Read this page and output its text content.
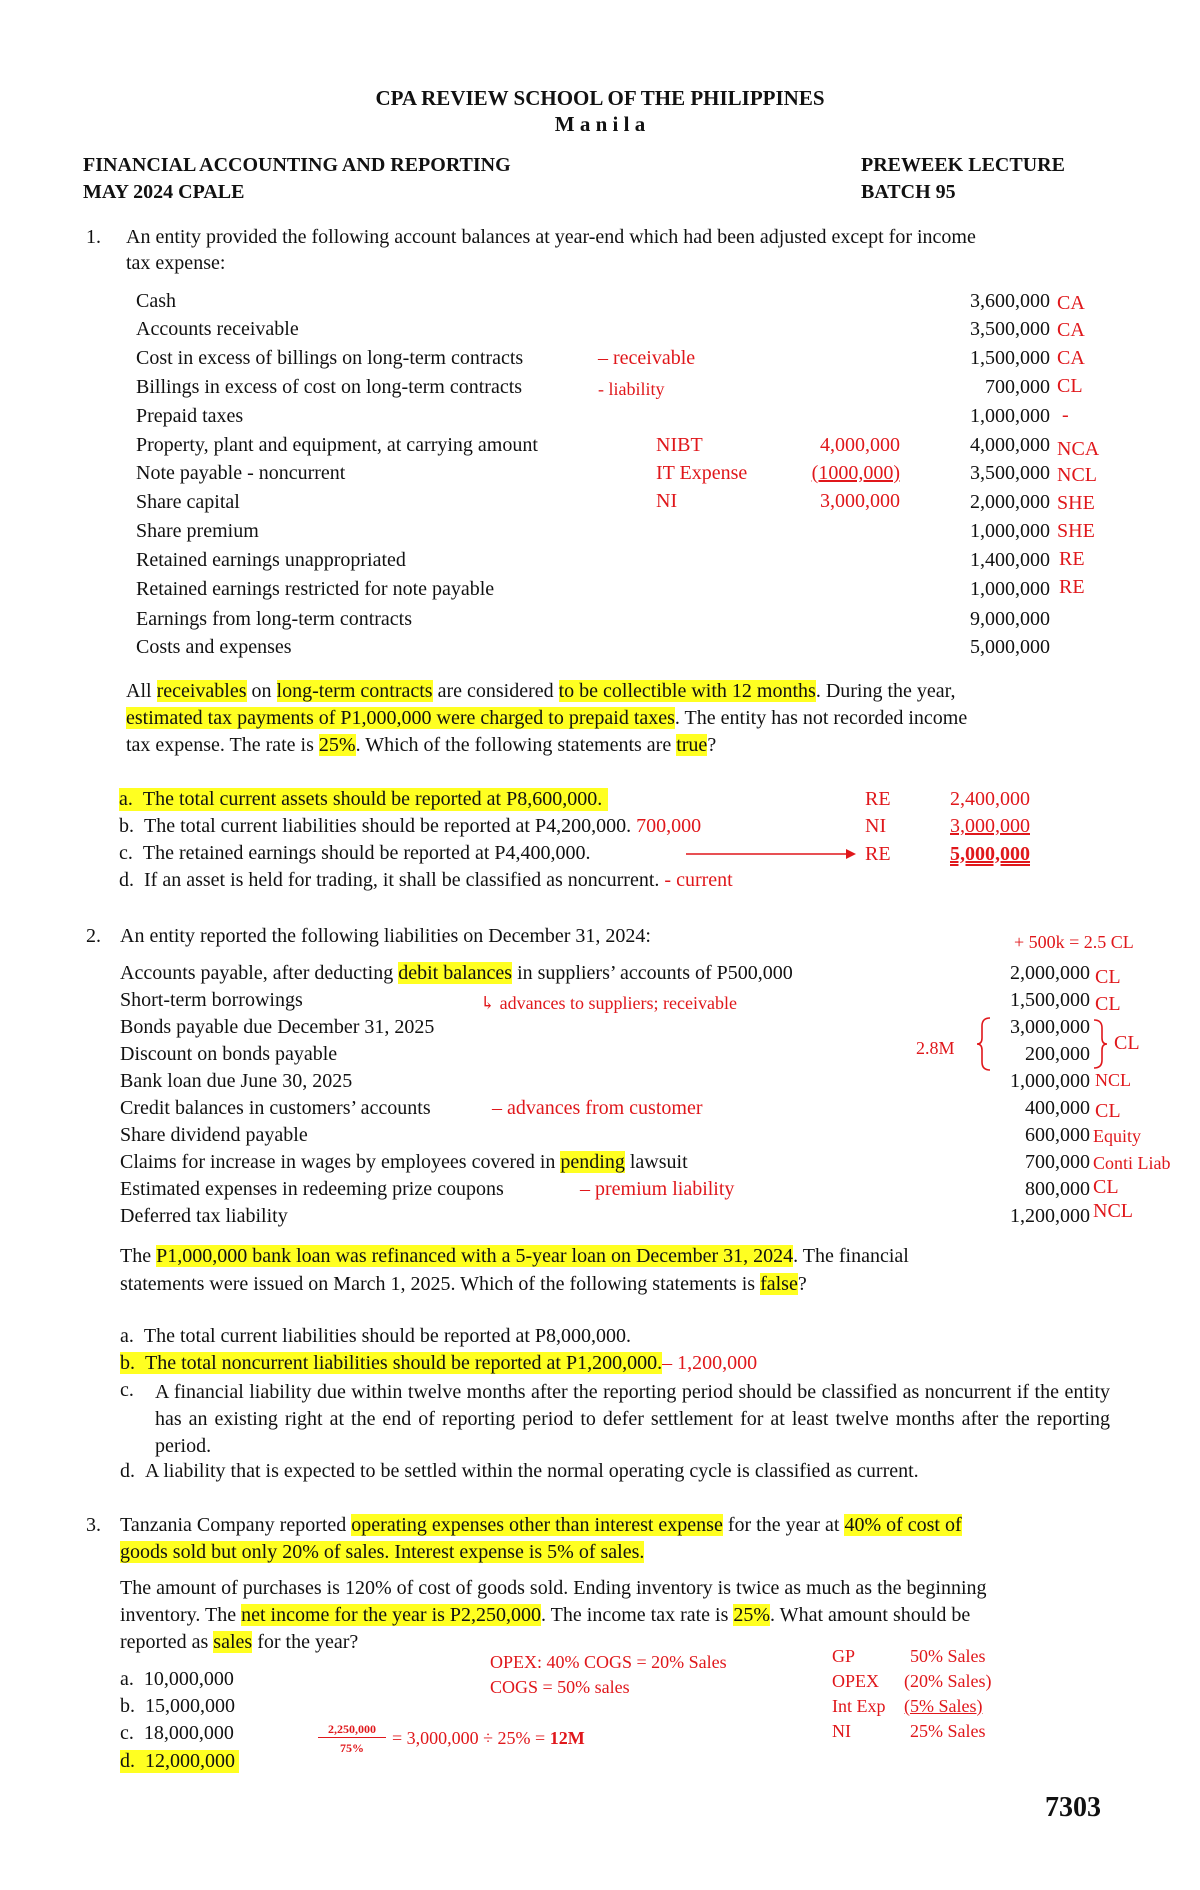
CPA REVIEW SCHOOL OF THE PHILIPPINES
M a n i l a
FINANCIAL ACCOUNTING AND REPORTING
MAY 2024 CPALE
PREWEEK LECTURE
BATCH 95
1. An entity provided the following account balances at year-end which had been adjusted except for income
tax expense:
Cash	3,600,000 CA
Accounts receivable	3,500,000 CA
Cost in excess of billings on long-term contracts	– receivable	1,500,000 CA
Billings in excess of cost on long-term contracts	- liability	700,000 CL
Prepaid taxes	1,000,000 -
Property, plant and equipment, at carrying amount	4,000,000 NCA
Note payable - noncurrent	3,500,000 NCL
Share capital	2,000,000 SHE
Share premium	1,000,000 SHE
Retained earnings unappropriated	1,400,000 RE
Retained earnings restricted for note payable	1,000,000 RE
Earnings from long-term contracts	9,000,000
Costs and expenses	5,000,000
NIBT	4,000,000
IT Expense	(1000,000)
NI	3,000,000
All receivables on long-term contracts are considered to be collectible with 12 months. During the year,
estimated tax payments of P1,000,000 were charged to prepaid taxes. The entity has not recorded income
tax expense. The rate is 25%. Which of the following statements are true?
a. The total current assets should be reported at P8,600,000.
b. The total current liabilities should be reported at P4,200,000. 700,000
c. The retained earnings should be reported at P4,400,000.
d. If an asset is held for trading, it shall be classified as noncurrent. - current
RE	2,400,000
NI	3,000,000
RE	5,000,000
2. An entity reported the following liabilities on December 31, 2024:	+ 500k = 2.5 CL
Accounts payable, after deducting debit balances in suppliers’ accounts of P500,000	2,000,000 CL
Short-term borrowings	↳ advances to suppliers; receivable	1,500,000 CL
Bonds payable due December 31, 2025	3,000,000
Discount on bonds payable	200,000
Bank loan due June 30, 2025	1,000,000 NCL
Credit balances in customers’ accounts	– advances from customer	400,000 CL
Share dividend payable	600,000 Equity
Claims for increase in wages by employees covered in pending lawsuit	700,000 Conti Liab
Estimated expenses in redeeming prize coupons	– premium liability	800,000 CL
Deferred tax liability	1,200,000 NCL
2.8M	CL
The P1,000,000 bank loan was refinanced with a 5-year loan on December 31, 2024. The financial
statements were issued on March 1, 2025. Which of the following statements is false?
a. The total current liabilities should be reported at P8,000,000.
b. The total noncurrent liabilities should be reported at P1,200,000.– 1,200,000
c. A financial liability due within twelve months after the reporting period should be classified as noncurrent if the entity has an existing right at the end of reporting period to defer settlement for at least twelve months after the reporting period.
d. A liability that is expected to be settled within the normal operating cycle is classified as current.
3. Tanzania Company reported operating expenses other than interest expense for the year at 40% of cost of
goods sold but only 20% of sales. Interest expense is 5% of sales.
The amount of purchases is 120% of cost of goods sold. Ending inventory is twice as much as the beginning
inventory. The net income for the year is P2,250,000. The income tax rate is 25%. What amount should be
reported as sales for the year?
a. 10,000,000
b. 15,000,000
c. 18,000,000
d. 12,000,000
OPEX: 40% COGS = 20% Sales
COGS = 50% sales
2,250,000
75%	= 3,000,000 ÷ 25% = 12M
GP	50% Sales
OPEX (20% Sales)
Int Exp (5% Sales)
NI	25% Sales
7303
